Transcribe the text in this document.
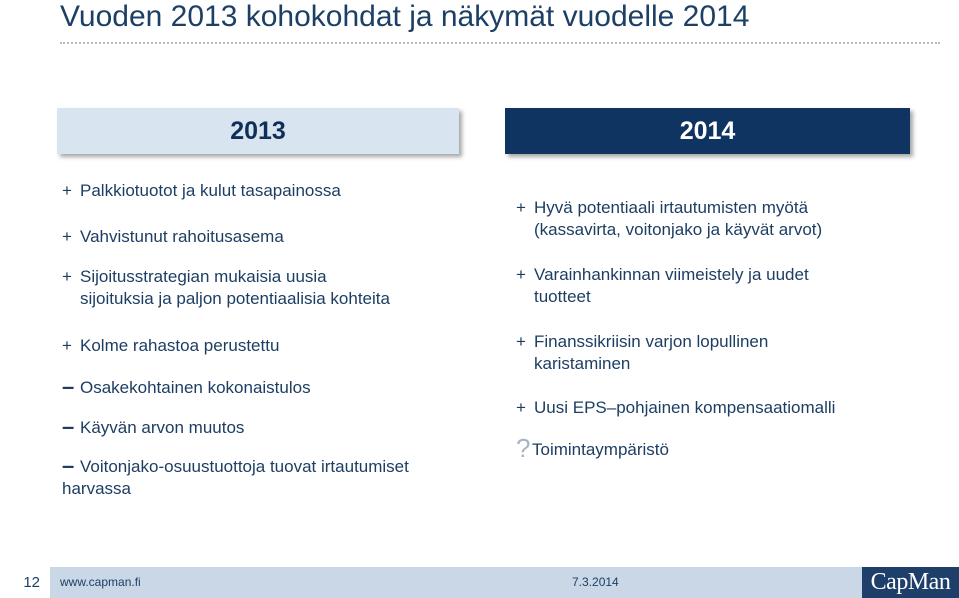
Vuoden 2013 kohokohdat ja näkymät vuodelle 2014
2013	2014
+ Palkkiotuotot ja kulut tasapainossa
+ Vahvistunut rahoitusasema
+ Sijoitusstrategian mukaisia uusia
sijoituksia ja paljon potentiaalisia kohteita
+ Kolme rahastoa perustettu
– Osakekohtainen kokonaistulos
– Käyvän arvon muutos
– Voitonjako-osuustuottoja tuovat irtautumiset
harvassa
+ Hyvä potentiaali irtautumisten myötä
(kassavirta, voitonjako ja käyvät arvot)
+ Varainhankinnan viimeistely ja uudet
tuotteet
+ Finanssikriisin varjon lopullinen
karistaminen
+ Uusi EPS–pohjainen kompensaatiomalli
?Toimintaympäristö
12	www.capman.fi	7.3.2014	CapMan
